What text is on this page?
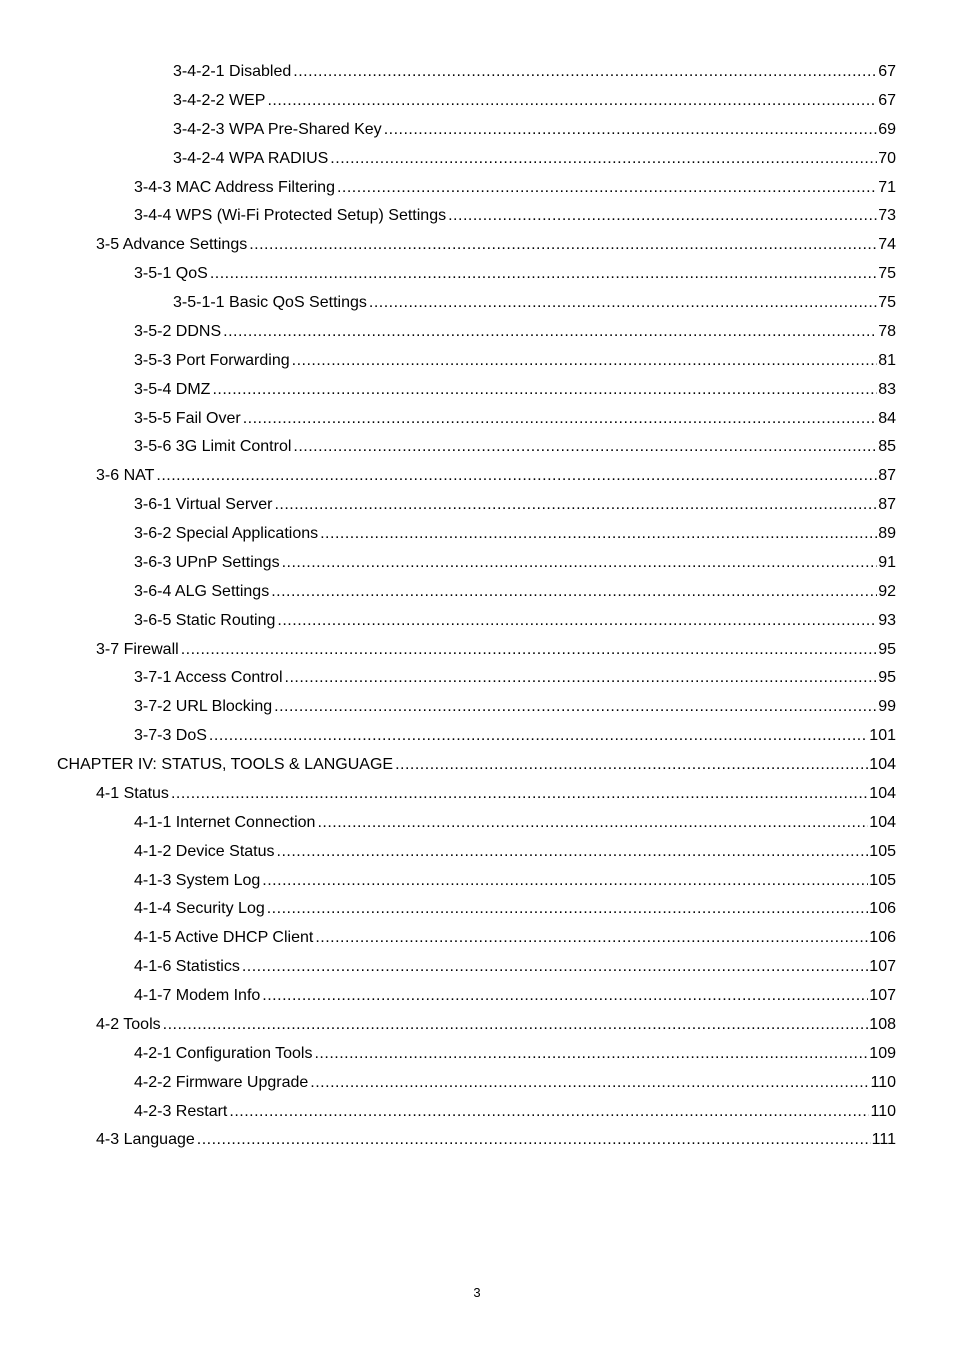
3-4-2-1 Disabled .....	67
3-4-2-2 WEP .....	67
3-4-2-3 WPA Pre-Shared Key .....	69
3-4-2-4 WPA RADIUS .....	70
3-4-3 MAC Address Filtering .....	71
3-4-4 WPS (Wi-Fi Protected Setup) Settings .....	73
3-5 Advance Settings .....	74
3-5-1 QoS .....	75
3-5-1-1 Basic QoS Settings .....	75
3-5-2 DDNS .....	78
3-5-3 Port Forwarding .....	81
3-5-4 DMZ .....	83
3-5-5 Fail Over .....	84
3-5-6 3G Limit Control .....	85
3-6 NAT .....	87
3-6-1 Virtual Server .....	87
3-6-2 Special Applications .....	89
3-6-3 UPnP Settings .....	91
3-6-4 ALG Settings .....	92
3-6-5 Static Routing .....	93
3-7 Firewall .....	95
3-7-1 Access Control .....	95
3-7-2 URL Blocking .....	99
3-7-3 DoS .....	101
CHAPTER IV: STATUS, TOOLS & LANGUAGE .....	104
4-1 Status .....	104
4-1-1 Internet Connection .....	104
4-1-2 Device Status .....	105
4-1-3 System Log .....	105
4-1-4 Security Log .....	106
4-1-5 Active DHCP Client .....	106
4-1-6 Statistics .....	107
4-1-7 Modem Info .....	107
4-2 Tools .....	108
4-2-1 Configuration Tools .....	109
4-2-2 Firmware Upgrade .....	110
4-2-3 Restart .....	110
4-3 Language .....	111
3
